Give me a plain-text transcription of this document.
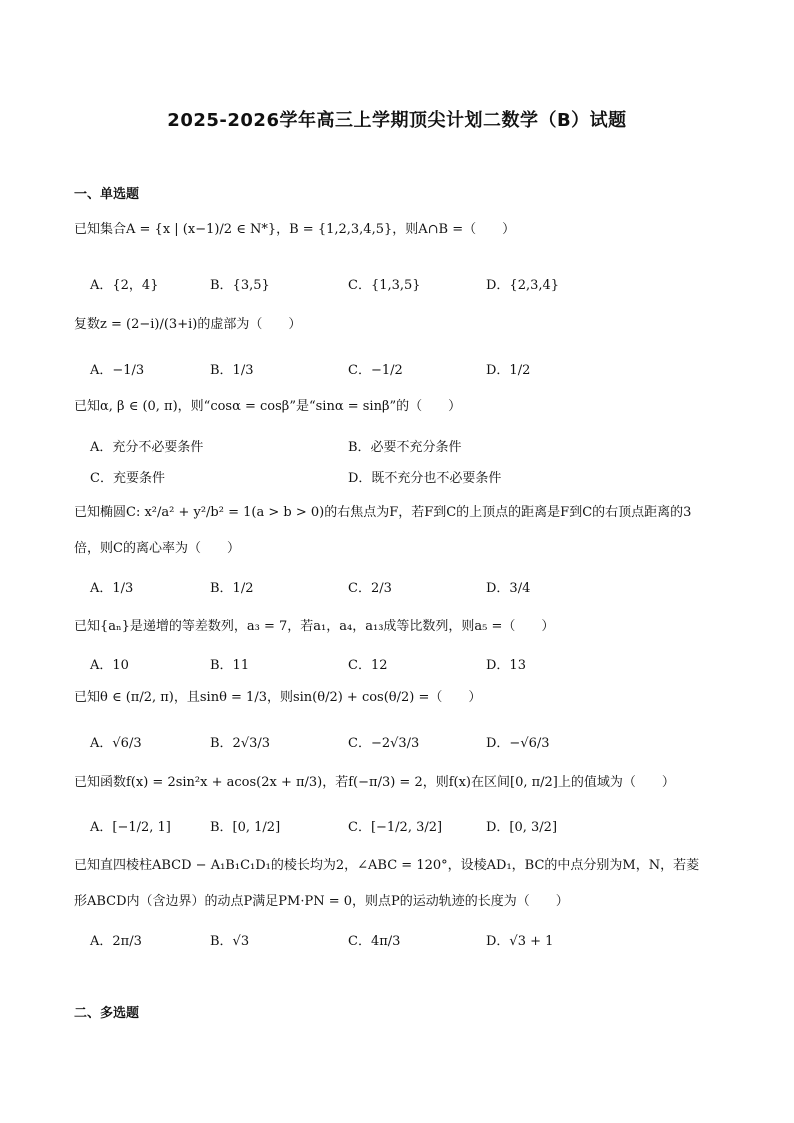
2025-2026学年高三上学期顶尖计划二数学（B）试题
一、单选题
已知集合A = {x | (x−1)/2 ∈ N*}，B = {1,2,3,4,5}，则A∩B =（　　）
A．{2，4}	B．{3,5}	C．{1,3,5}	D．{2,3,4}
复数z = (2−i)/(3+i)的虚部为（　　）
A．−1/3	B．1/3	C．−1/2	D．1/2
已知α, β ∈ (0, π)，则“cosα = cosβ”是“sinα = sinβ”的（　　）
A．充分不必要条件	B．必要不充分条件
C．充要条件	D．既不充分也不必要条件
已知椭圆C: x²/a² + y²/b² = 1(a > b > 0)的右焦点为F，若F到C的上顶点的距离是F到C的右顶点距离的3
倍，则C的离心率为（　　）
A．1/3	B．1/2	C．2/3	D．3/4
已知{aₙ}是递增的等差数列，a₃ = 7，若a₁，a₄，a₁₃成等比数列，则a₅ =（　　）
A．10	B．11	C．12	D．13
已知θ ∈ (π/2, π)，且sinθ = 1/3，则sin(θ/2) + cos(θ/2) =（　　）
A．√6/3	B．2√3/3	C．−2√3/3	D．−√6/3
已知函数f(x) = 2sin²x + acos(2x + π/3)，若f(−π/3) = 2，则f(x)在区间[0, π/2]上的值域为（　　）
A．[−1/2, 1]	B．[0, 1/2]	C．[−1/2, 3/2]	D．[0, 3/2]
已知直四棱柱ABCD − A₁B₁C₁D₁的棱长均为2，∠ABC = 120°，设棱AD₁，BC的中点分别为M，N，若菱
形ABCD内（含边界）的动点P满足PM·PN = 0，则点P的运动轨迹的长度为（　　）
A．2π/3	B．√3	C．4π/3	D．√3 + 1
二、多选题
